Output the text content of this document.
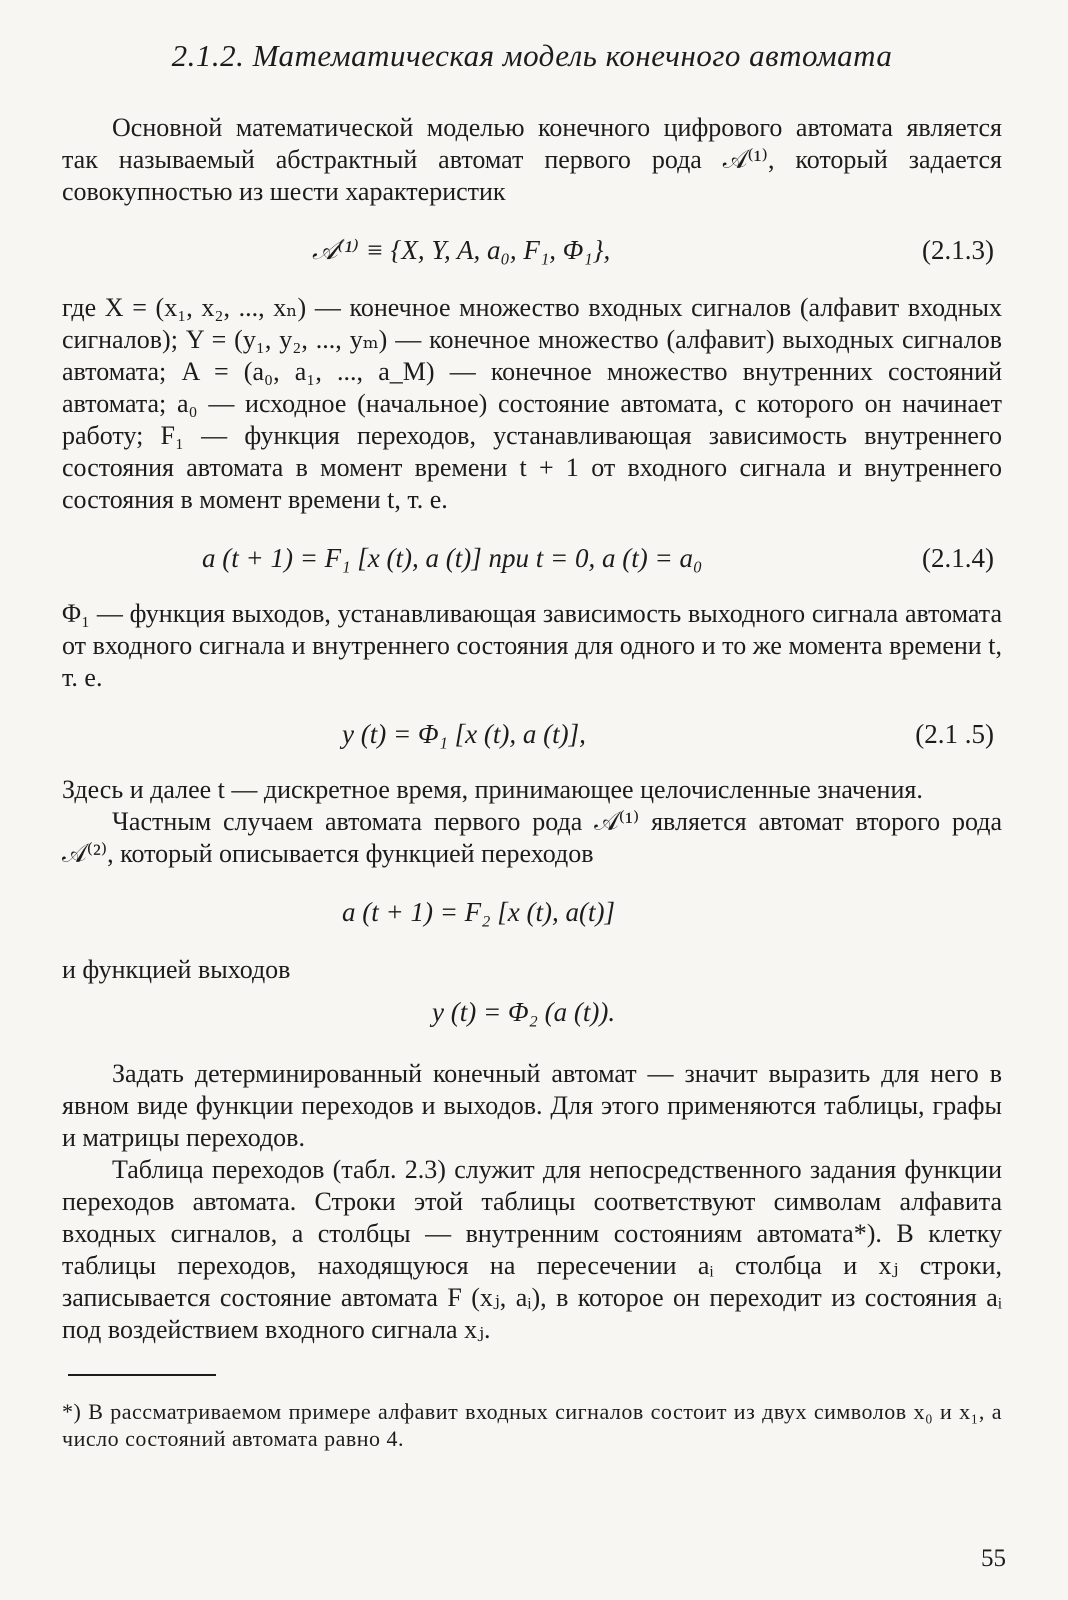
2.1.2. Математическая модель конечного автомата

Основной математической моделью конечного цифрового автомата является так называемый абстрактный автомат первого рода 𝒜⁽¹⁾, который задается совокупностью из шести характеристик

𝒜⁽¹⁾ ≡ {X, Y, A, a₀, F₁, Φ₁},	(2.1.3)

где X = (x₁, x₂, ..., xₙ) — конечное множество входных сигналов (алфавит входных сигналов); Y = (y₁, y₂, ..., yₘ) — конечное множество (алфавит) выходных сигналов автомата; A = (a₀, a₁, ..., a_M) — конечное множество внутренних состояний автомата; a₀ — исходное (начальное) состояние автомата, с которого он начинает работу; F₁ — функция переходов, устанавливающая зависимость внутреннего состояния автомата в момент времени t + 1 от входного сигнала и внутреннего состояния в момент времени t, т. е.

a (t + 1) = F₁ [x (t), a (t)] при t = 0, a (t) = a₀	(2.1.4)

Φ₁ — функция выходов, устанавливающая зависимость выходного сигнала автомата от входного сигнала и внутреннего состояния для одного и то же момента времени t, т. е.

y (t) = Φ₁ [x (t), a (t)],	(2.1 .5)

Здесь и далее t — дискретное время, принимающее целочисленные значения.

Частным случаем автомата первого рода 𝒜⁽¹⁾ является автомат второго рода 𝒜⁽²⁾, который описывается функцией переходов

a (t + 1) = F₂ [x (t), a(t)]
и функцией выходов
y (t) = Φ₂ (a (t)).

Задать детерминированный конечный автомат — значит выразить для него в явном виде функции переходов и выходов. Для этого применяются таблицы, графы и матрицы переходов.

Таблица переходов (табл. 2.3) служит для непосредственного задания функции переходов автомата. Строки этой таблицы соответствуют символам алфавита входных сигналов, а столбцы — внутренним состояниям автомата*). В клетку таблицы переходов, находящуюся на пересечении aᵢ столбца и xⱼ строки, записывается состояние автомата F (xⱼ, aᵢ), в которое он переходит из состояния aᵢ под воздействием входного сигнала xⱼ.

*) В рассматриваемом примере алфавит входных сигналов состоит из двух символов x₀ и x₁, а число состояний автомата равно 4.

55
